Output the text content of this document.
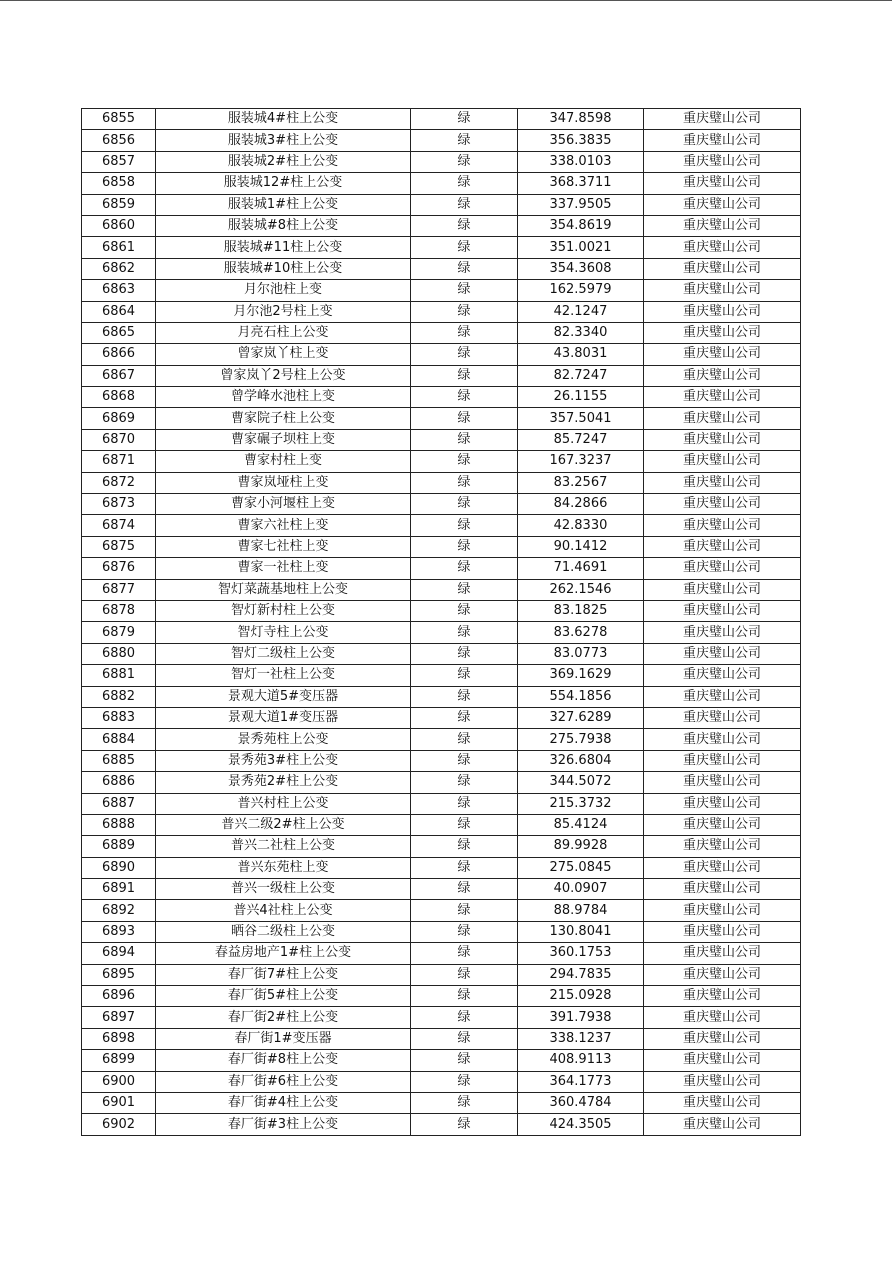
6855	服装城4#柱上公变	绿	347.8598	重庆璧山公司
6856	服装城3#柱上公变	绿	356.3835	重庆璧山公司
6857	服装城2#柱上公变	绿	338.0103	重庆璧山公司
6858	服装城12#柱上公变	绿	368.3711	重庆璧山公司
6859	服装城1#柱上公变	绿	337.9505	重庆璧山公司
6860	服装城#8柱上公变	绿	354.8619	重庆璧山公司
6861	服装城#11柱上公变	绿	351.0021	重庆璧山公司
6862	服装城#10柱上公变	绿	354.3608	重庆璧山公司
6863	月尔池柱上变	绿	162.5979	重庆璧山公司
6864	月尔池2号柱上变	绿	42.1247	重庆璧山公司
6865	月亮石柱上公变	绿	82.3340	重庆璧山公司
6866	曾家岚丫柱上变	绿	43.8031	重庆璧山公司
6867	曾家岚丫2号柱上公变	绿	82.7247	重庆璧山公司
6868	曾学峰水池柱上变	绿	26.1155	重庆璧山公司
6869	曹家院子柱上公变	绿	357.5041	重庆璧山公司
6870	曹家碾子坝柱上变	绿	85.7247	重庆璧山公司
6871	曹家村柱上变	绿	167.3237	重庆璧山公司
6872	曹家岚垭柱上变	绿	83.2567	重庆璧山公司
6873	曹家小河堰柱上变	绿	84.2866	重庆璧山公司
6874	曹家六社柱上变	绿	42.8330	重庆璧山公司
6875	曹家七社柱上变	绿	90.1412	重庆璧山公司
6876	曹家一社柱上变	绿	71.4691	重庆璧山公司
6877	智灯菜蔬基地柱上公变	绿	262.1546	重庆璧山公司
6878	智灯新村柱上公变	绿	83.1825	重庆璧山公司
6879	智灯寺柱上公变	绿	83.6278	重庆璧山公司
6880	智灯二级柱上公变	绿	83.0773	重庆璧山公司
6881	智灯一社柱上公变	绿	369.1629	重庆璧山公司
6882	景观大道5#变压器	绿	554.1856	重庆璧山公司
6883	景观大道1#变压器	绿	327.6289	重庆璧山公司
6884	景秀苑柱上公变	绿	275.7938	重庆璧山公司
6885	景秀苑3#柱上公变	绿	326.6804	重庆璧山公司
6886	景秀苑2#柱上公变	绿	344.5072	重庆璧山公司
6887	普兴村柱上公变	绿	215.3732	重庆璧山公司
6888	普兴二级2#柱上公变	绿	85.4124	重庆璧山公司
6889	普兴二社柱上公变	绿	89.9928	重庆璧山公司
6890	普兴东苑柱上变	绿	275.0845	重庆璧山公司
6891	普兴一级柱上公变	绿	40.0907	重庆璧山公司
6892	普兴4社柱上公变	绿	88.9784	重庆璧山公司
6893	晒谷二级柱上公变	绿	130.8041	重庆璧山公司
6894	春益房地产1#柱上公变	绿	360.1753	重庆璧山公司
6895	春厂街7#柱上公变	绿	294.7835	重庆璧山公司
6896	春厂街5#柱上公变	绿	215.0928	重庆璧山公司
6897	春厂街2#柱上公变	绿	391.7938	重庆璧山公司
6898	春厂街1#变压器	绿	338.1237	重庆璧山公司
6899	春厂街#8柱上公变	绿	408.9113	重庆璧山公司
6900	春厂街#6柱上公变	绿	364.1773	重庆璧山公司
6901	春厂街#4柱上公变	绿	360.4784	重庆璧山公司
6902	春厂街#3柱上公变	绿	424.3505	重庆璧山公司
